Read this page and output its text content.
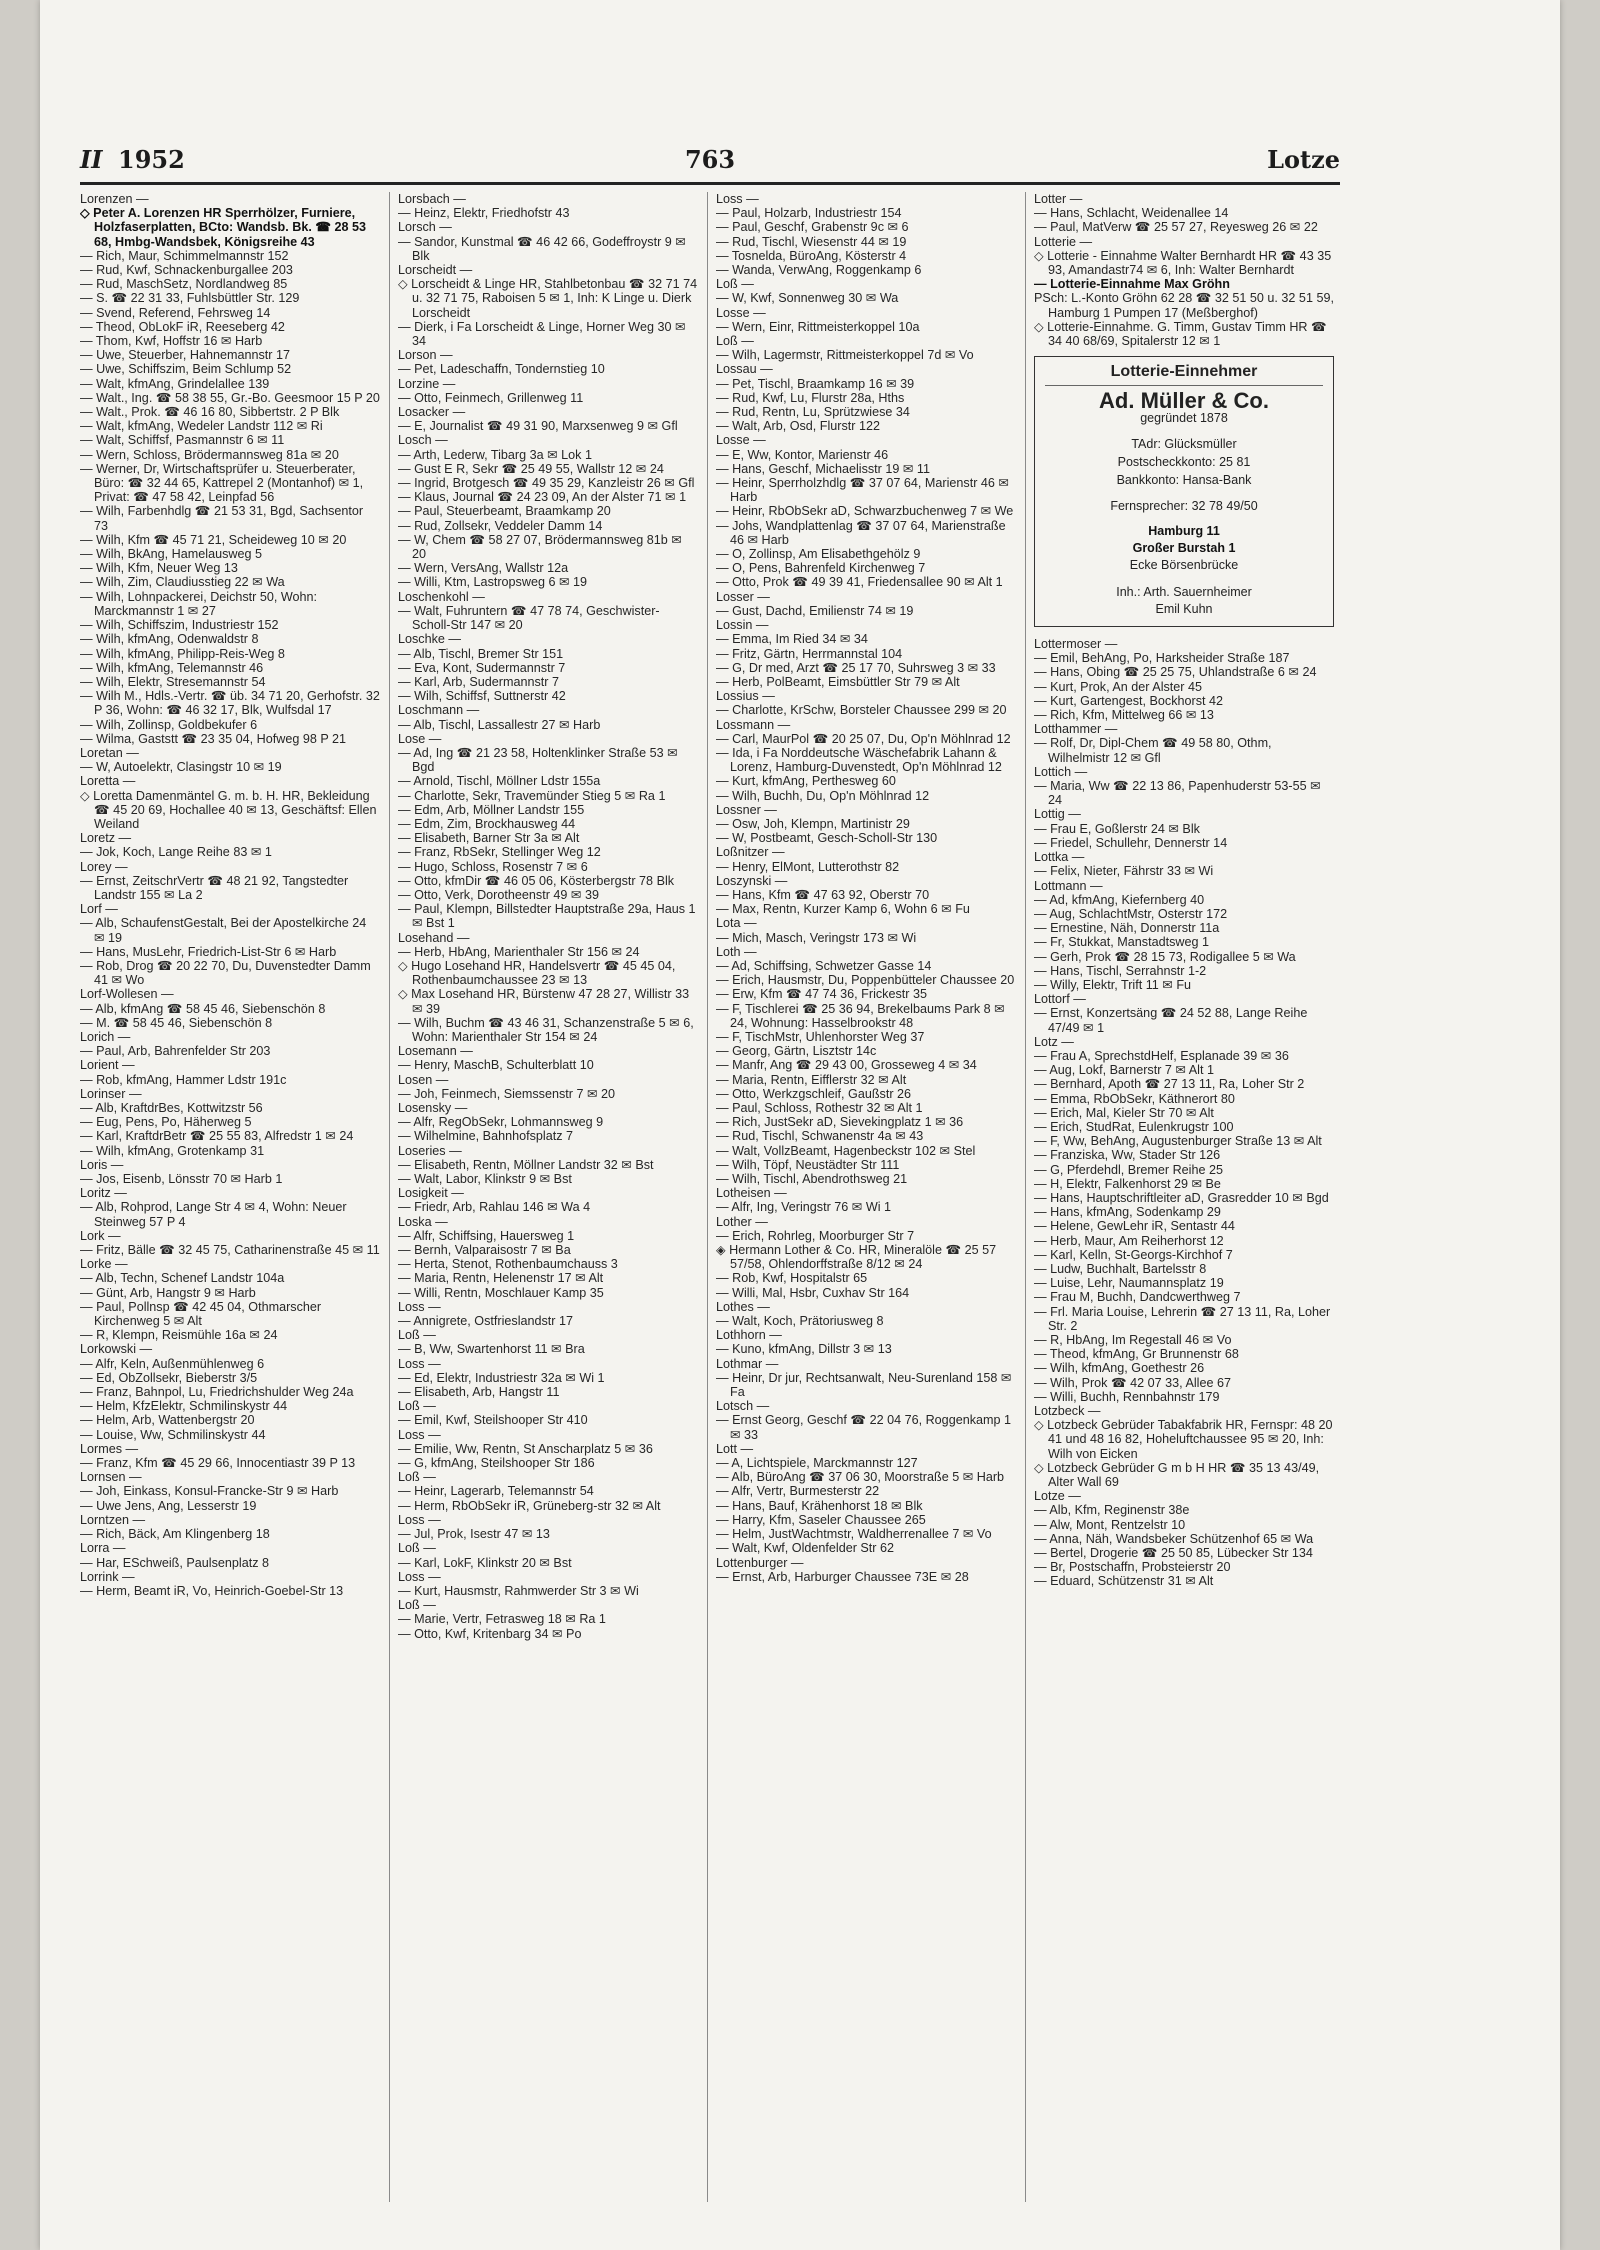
II 1952	763	Lotze
Lorenzen —
◇ Peter A. Lorenzen HR Sperrhölzer, Furniere, Holzfaserplatten, BCto: Wandsb. Bk. ☎ 28 53 68, Hmbg-Wandsbek, Königsreihe 43
— Rich, Maur, Schimmelmannstr 152
— Rud, Kwf, Schnackenburgallee 203
— Rud, MaschSetz, Nordlandweg 85
— S. ☎ 22 31 33, Fuhlsbüttler Str. 129
— Svend, Referend, Fehrsweg 14
— Theod, ObLokF iR, Reeseberg 42
— Thom, Kwf, Hoffstr 16 ✉ Harb
— Uwe, Steuerber, Hahnemannstr 17
— Uwe, Schiffszim, Beim Schlump 52
— Walt, kfmAng, Grindelallee 139
— Walt., Ing. ☎ 58 38 55, Gr.-Bo. Geesmoor 15 P 20
— Walt., Prok. ☎ 46 16 80, Sibbertstr. 2 P Blk
— Walt, kfmAng, Wedeler Landstr 112 ✉ Ri
— Walt, Schiffsf, Pasmannstr 6 ✉ 11
— Wern, Schloss, Brödermannsweg 81a ✉ 20
— Werner, Dr, Wirtschaftsprüfer u. Steuerberater, Büro: ☎ 32 44 65, Kattrepel 2 (Montanhof) ✉ 1, Privat: ☎ 47 58 42, Leinpfad 56
— Wilh, Farbenhdlg ☎ 21 53 31, Bgd, Sachsentor 73
— Wilh, Kfm ☎ 45 71 21, Scheideweg 10 ✉ 20
— Wilh, BkAng, Hamelausweg 5
— Wilh, Kfm, Neuer Weg 13
— Wilh, Zim, Claudiusstieg 22 ✉ Wa
— Wilh, Lohnpackerei, Deichstr 50, Wohn: Marckmannstr 1 ✉ 27
— Wilh, Schiffszim, Industriestr 152
— Wilh, kfmAng, Odenwaldstr 8
— Wilh, kfmAng, Philipp-Reis-Weg 8
— Wilh, kfmAng, Telemannstr 46
— Wilh, Elektr, Stresemannstr 54
— Wilh M., Hdls.-Vertr. ☎ üb. 34 71 20, Gerhofstr. 32 P 36, Wohn: ☎ 46 32 17, Blk, Wulfsdal 17
— Wilh, Zollinsp, Goldbekufer 6
— Wilma, Gaststt ☎ 23 35 04, Hofweg 98 P 21
Loretan —
— W, Autoelektr, Clasingstr 10 ✉ 19
Loretta —
◇ Loretta Damenmäntel G. m. b. H. HR, Bekleidung ☎ 45 20 69, Hochallee 40 ✉ 13, Geschäftsf: Ellen Weiland
Loretz —
— Jok, Koch, Lange Reihe 83 ✉ 1
Lorey —
— Ernst, ZeitschrVertr ☎ 48 21 92, Tangstedter Landstr 155 ✉ La 2
Lorf —
— Alb, SchaufenstGestalt, Bei der Apostelkirche 24 ✉ 19
— Hans, MusLehr, Friedrich-List-Str 6 ✉ Harb
— Rob, Drog ☎ 20 22 70, Du, Duvenstedter Damm 41 ✉ Wo
Lorf-Wollesen —
— Alb, kfmAng ☎ 58 45 46, Siebenschön 8
— M. ☎ 58 45 46, Siebenschön 8
Lorich —
— Paul, Arb, Bahrenfelder Str 203
Lorient —
— Rob, kfmAng, Hammer Ldstr 191c
Lorinser —
— Alb, KraftdrBes, Kottwitzstr 56
— Eug, Pens, Po, Häherweg 5
— Karl, KraftdrBetr ☎ 25 55 83, Alfredstr 1 ✉ 24
— Wilh, kfmAng, Grotenkamp 31
Loris —
— Jos, Eisenb, Lönsstr 70 ✉ Harb 1
Loritz —
— Alb, Rohprod, Lange Str 4 ✉ 4, Wohn: Neuer Steinweg 57 P 4
Lork —
— Fritz, Bälle ☎ 32 45 75, Catharinenstraße 45 ✉ 11
Lorke —
— Alb, Techn, Schenef Landstr 104a
— Günt, Arb, Hangstr 9 ✉ Harb
— Paul, Pollnsp ☎ 42 45 04, Othmarscher Kirchenweg 5 ✉ Alt
— R, Klempn, Reismühle 16a ✉ 24
Lorkowski —
— Alfr, Keln, Außenmühlenweg 6
— Ed, ObZollsekr, Bieberstr 3/5
— Franz, Bahnpol, Lu, Friedrichshulder Weg 24a
— Helm, KfzElektr, Schmilinskystr 44
— Helm, Arb, Wattenbergstr 20
— Louise, Ww, Schmilinskystr 44
Lormes —
— Franz, Kfm ☎ 45 29 66, Innocentiastr 39 P 13
Lornsen —
— Joh, Einkass, Konsul-Francke-Str 9 ✉ Harb
— Uwe Jens, Ang, Lesserstr 19
Lorntzen —
— Rich, Bäck, Am Klingenberg 18
Lorra —
— Har, ESchweiß, Paulsenplatz 8
Lorrink —
— Herm, Beamt iR, Vo, Heinrich-Goebel-Str 13
Lorsbach —
— Heinz, Elektr, Friedhofstr 43
Lorsch —
— Sandor, Kunstmal ☎ 46 42 66, Godeffroystr 9 ✉ Blk
Lorscheidt —
◇ Lorscheidt & Linge HR, Stahlbetonbau ☎ 32 71 74 u. 32 71 75, Raboisen 5 ✉ 1, Inh: K Linge u. Dierk Lorscheidt
— Dierk, i Fa Lorscheidt & Linge, Horner Weg 30 ✉ 34
Lorson —
— Pet, Ladeschaffn, Tondernstieg 10
Lorzine —
— Otto, Feinmech, Grillenweg 11
Losacker —
— E, Journalist ☎ 49 31 90, Marxsenweg 9 ✉ Gfl
Losch —
— Arth, Lederw, Tibarg 3a ✉ Lok 1
— Gust E R, Sekr ☎ 25 49 55, Wallstr 12 ✉ 24
— Ingrid, Brotgesch ☎ 49 35 29, Kanzleistr 26 ✉ Gfl
— Klaus, Journal ☎ 24 23 09, An der Alster 71 ✉ 1
— Paul, Steuerbeamt, Braamkamp 20
— Rud, Zollsekr, Veddeler Damm 14
— W, Chem ☎ 58 27 07, Brödermannsweg 81b ✉ 20
— Wern, VersAng, Wallstr 12a
— Willi, Ktm, Lastropsweg 6 ✉ 19
Loschenkohl —
— Walt, Fuhruntern ☎ 47 78 74, Geschwister-Scholl-Str 147 ✉ 20
Loschke —
— Alb, Tischl, Bremer Str 151
— Eva, Kont, Sudermannstr 7
— Karl, Arb, Sudermannstr 7
— Wilh, Schiffsf, Suttnerstr 42
Loschmann —
— Alb, Tischl, Lassallestr 27 ✉ Harb
Lose —
— Ad, Ing ☎ 21 23 58, Holtenklinker Straße 53 ✉ Bgd
— Arnold, Tischl, Möllner Ldstr 155a
— Charlotte, Sekr, Travemünder Stieg 5 ✉ Ra 1
— Edm, Arb, Möllner Landstr 155
— Edm, Zim, Brockhausweg 44
— Elisabeth, Barner Str 3a ✉ Alt
— Franz, RbSekr, Stellinger Weg 12
— Hugo, Schloss, Rosenstr 7 ✉ 6
— Otto, kfmDir ☎ 46 05 06, Kösterbergstr 78 Blk
— Otto, Verk, Dorotheenstr 49 ✉ 39
— Paul, Klempn, Billstedter Hauptstraße 29a, Haus 1 ✉ Bst 1
Losehand —
— Herb, HbAng, Marienthaler Str 156 ✉ 24
◇ Hugo Losehand HR, Handelsvertr ☎ 45 45 04, Rothenbaumchaussee 23 ✉ 13
◇ Max Losehand HR, Bürstenw 47 28 27, Willistr 33 ✉ 39
— Wilh, Buchm ☎ 43 46 31, Schanzenstraße 5 ✉ 6, Wohn: Marienthaler Str 154 ✉ 24
Losemann —
— Henry, MaschB, Schulterblatt 10
Losen —
— Joh, Feinmech, Siemssenstr 7 ✉ 20
Losensky —
— Alfr, RegObSekr, Lohmannsweg 9
— Wilhelmine, Bahnhofsplatz 7
Loseries —
— Elisabeth, Rentn, Möllner Landstr 32 ✉ Bst
— Walt, Labor, Klinkstr 9 ✉ Bst
Losigkeit —
— Friedr, Arb, Rahlau 146 ✉ Wa 4
Loska —
— Alfr, Schiffsing, Hauersweg 1
— Bernh, Valparaisostr 7 ✉ Ba
— Herta, Stenot, Rothenbaumchauss 3
— Maria, Rentn, Helenenstr 17 ✉ Alt
— Willi, Rentn, Moschlauer Kamp 35
Loss —
— Annigrete, Ostfrieslandstr 17
Loß —
— B, Ww, Swartenhorst 11 ✉ Bra
Loss —
— Ed, Elektr, Industriestr 32a ✉ Wi 1
— Elisabeth, Arb, Hangstr 11
Loß —
— Emil, Kwf, Steilshooper Str 410
Loss —
— Emilie, Ww, Rentn, St Anscharplatz 5 ✉ 36
— G, kfmAng, Steilshooper Str 186
Loß —
— Heinr, Lagerarb, Telemannstr 54
— Herm, RbObSekr iR, Grüneberg-str 32 ✉ Alt
Loss —
— Jul, Prok, Isestr 47 ✉ 13
Loß —
— Karl, LokF, Klinkstr 20 ✉ Bst
Loss —
— Kurt, Hausmstr, Rahmwerder Str 3 ✉ Wi
Loß —
— Marie, Vertr, Fetrasweg 18 ✉ Ra 1
— Otto, Kwf, Kritenbarg 34 ✉ Po
Loss —
— Paul, Holzarb, Industriestr 154
— Paul, Geschf, Grabenstr 9c ✉ 6
— Rud, Tischl, Wiesenstr 44 ✉ 19
— Tosnelda, BüroAng, Kösterstr 4
— Wanda, VerwAng, Roggenkamp 6
Loß —
— W, Kwf, Sonnenweg 30 ✉ Wa
Losse —
— Wern, Einr, Rittmeisterkoppel 10a
Loß —
— Wilh, Lagermstr, Rittmeisterkoppel 7d ✉ Vo
Lossau —
— Pet, Tischl, Braamkamp 16 ✉ 39
— Rud, Kwf, Lu, Flurstr 28a, Hths
— Rud, Rentn, Lu, Sprützwiese 34
— Walt, Arb, Osd, Flurstr 122
Losse —
— E, Ww, Kontor, Marienstr 46
— Hans, Geschf, Michaelisstr 19 ✉ 11
— Heinr, Sperrholzhdlg ☎ 37 07 64, Marienstr 46 ✉ Harb
— Heinr, RbObSekr aD, Schwarzbuchenweg 7 ✉ We
— Johs, Wandplattenlag ☎ 37 07 64, Marienstraße 46 ✉ Harb
— O, Zollinsp, Am Elisabethgehölz 9
— O, Pens, Bahrenfeld Kirchenweg 7
— Otto, Prok ☎ 49 39 41, Friedensallee 90 ✉ Alt 1
Losser —
— Gust, Dachd, Emilienstr 74 ✉ 19
Lossin —
— Emma, Im Ried 34 ✉ 34
— Fritz, Gärtn, Herrmannstal 104
— G, Dr med, Arzt ☎ 25 17 70, Suhrsweg 3 ✉ 33
— Herb, PolBeamt, Eimsbüttler Str 79 ✉ Alt
Lossius —
— Charlotte, KrSchw, Borsteler Chaussee 299 ✉ 20
Lossmann —
— Carl, MaurPol ☎ 20 25 07, Du, Op'n Möhlnrad 12
— Ida, i Fa Norddeutsche Wäschefabrik Lahann & Lorenz, Hamburg-Duvenstedt, Op'n Möhlnrad 12
— Kurt, kfmAng, Perthesweg 60
— Wilh, Buchh, Du, Op'n Möhlnrad 12
Lossner —
— Osw, Joh, Klempn, Martinistr 29
— W, Postbeamt, Gesch-Scholl-Str 130
Loßnitzer —
— Henry, ElMont, Lutterothstr 82
Loszynski —
— Hans, Kfm ☎ 47 63 92, Oberstr 70
— Max, Rentn, Kurzer Kamp 6, Wohn 6 ✉ Fu
Lota —
— Mich, Masch, Veringstr 173 ✉ Wi
Loth —
— Ad, Schiffsing, Schwetzer Gasse 14
— Erich, Hausmstr, Du, Poppenbütteler Chaussee 20
— Erw, Kfm ☎ 47 74 36, Frickestr 35
— F, Tischlerei ☎ 25 36 94, Brekelbaums Park 8 ✉ 24, Wohnung: Hasselbrookstr 48
— F, TischMstr, Uhlenhorster Weg 37
— Georg, Gärtn, Lisztstr 14c
— Manfr, Ang ☎ 29 43 00, Grosseweg 4 ✉ 34
— Maria, Rentn, Eifflerstr 32 ✉ Alt
— Otto, Werkzgschleif, Gaußstr 26
— Paul, Schloss, Rothestr 32 ✉ Alt 1
— Rich, JustSekr aD, Sievekingplatz 1 ✉ 36
— Rud, Tischl, Schwanenstr 4a ✉ 43
— Walt, VollzBeamt, Hagenbeckstr 102 ✉ Stel
— Wilh, Töpf, Neustädter Str 111
— Wilh, Tischl, Abendrothsweg 21
Lotheisen —
— Alfr, Ing, Veringstr 76 ✉ Wi 1
Lother —
— Erich, Rohrleg, Moorburger Str 7
◈ Hermann Lother & Co. HR, Mineralöle ☎ 25 57 57/58, Ohlendorffstraße 8/12 ✉ 24
— Rob, Kwf, Hospitalstr 65
— Willi, Mal, Hsbr, Cuxhav Str 164
Lothes —
— Walt, Koch, Prätoriusweg 8
Lothhorn —
— Kuno, kfmAng, Dillstr 3 ✉ 13
Lothmar —
— Heinr, Dr jur, Rechtsanwalt, Neu-Surenland 158 ✉ Fa
Lotsch —
— Ernst Georg, Geschf ☎ 22 04 76, Roggenkamp 1 ✉ 33
Lott —
— A, Lichtspiele, Marckmannstr 127
— Alb, BüroAng ☎ 37 06 30, Moorstraße 5 ✉ Harb
— Alfr, Vertr, Burmesterstr 22
— Hans, Bauf, Krähenhorst 18 ✉ Blk
— Harry, Kfm, Saseler Chaussee 265
— Helm, JustWachtmstr, Waldherrenallee 7 ✉ Vo
— Walt, Kwf, Oldenfelder Str 62
Lottenburger —
— Ernst, Arb, Harburger Chaussee 73E ✉ 28
Lotter —
— Hans, Schlacht, Weidenallee 14
— Paul, MatVerw ☎ 25 57 27, Reyesweg 26 ✉ 22
Lotterie —
◇ Lotterie - Einnahme Walter Bernhardt HR ☎ 43 35 93, Amandastr74 ✉ 6, Inh: Walter Bernhardt
— Lotterie-Einnahme Max Gröhn
PSch: L.-Konto Gröhn 62 28 ☎ 32 51 50 u. 32 51 59, Hamburg 1 Pumpen 17 (Meßberghof)
◇ Lotterie-Einnahme. G. Timm, Gustav Timm HR ☎ 34 40 68/69, Spitalerstr 12 ✉ 1
Lotterie-Einnehmer
Ad. Müller & Co.
gegründet 1878
TAdr: Glücksmüller
Postscheckkonto: 25 81
Bankkonto: Hansa-Bank
Fernsprecher: 32 78 49/50
Hamburg 11
Großer Burstah 1
Ecke Börsenbrücke
Inh.: Arth. Sauernheimer
Emil Kuhn
Lottermoser —
— Emil, BehAng, Po, Harksheider Straße 187
— Hans, Obing ☎ 25 25 75, Uhlandstraße 6 ✉ 24
— Kurt, Prok, An der Alster 45
— Kurt, Gartengest, Bockhorst 42
— Rich, Kfm, Mittelweg 66 ✉ 13
Lotthammer —
— Rolf, Dr, Dipl-Chem ☎ 49 58 80, Othm, Wilhelmistr 12 ✉ Gfl
Lottich —
— Maria, Ww ☎ 22 13 86, Papenhuderstr 53-55 ✉ 24
Lottig —
— Frau E, Goßlerstr 24 ✉ Blk
— Friedel, Schullehr, Dennerstr 14
Lottka —
— Felix, Nieter, Fährstr 33 ✉ Wi
Lottmann —
— Ad, kfmAng, Kiefernberg 40
— Aug, SchlachtMstr, Osterstr 172
— Ernestine, Näh, Donnerstr 11a
— Fr, Stukkat, Manstadtsweg 1
— Gerh, Prok ☎ 28 15 73, Rodigallee 5 ✉ Wa
— Hans, Tischl, Serrahnstr 1-2
— Willy, Elektr, Trift 11 ✉ Fu
Lottorf —
— Ernst, Konzertsäng ☎ 24 52 88, Lange Reihe 47/49 ✉ 1
Lotz —
— Frau A, SprechstdHelf, Esplanade 39 ✉ 36
— Aug, Lokf, Barnerstr 7 ✉ Alt 1
— Bernhard, Apoth ☎ 27 13 11, Ra, Loher Str 2
— Emma, RbObSekr, Käthnerort 80
— Erich, Mal, Kieler Str 70 ✉ Alt
— Erich, StudRat, Eulenkrugstr 100
— F, Ww, BehAng, Augustenburger Straße 13 ✉ Alt
— Franziska, Ww, Stader Str 126
— G, Pferdehdl, Bremer Reihe 25
— H, Elektr, Falkenhorst 29 ✉ Be
— Hans, Hauptschriftleiter aD, Grasredder 10 ✉ Bgd
— Hans, kfmAng, Sodenkamp 29
— Helene, GewLehr iR, Sentastr 44
— Herb, Maur, Am Reiherhorst 12
— Karl, Kelln, St-Georgs-Kirchhof 7
— Ludw, Buchhalt, Bartelsstr 8
— Luise, Lehr, Naumannsplatz 19
— Frau M, Buchh, Dandcwerthweg 7
— Frl. Maria Louise, Lehrerin ☎ 27 13 11, Ra, Loher Str. 2
— R, HbAng, Im Regestall 46 ✉ Vo
— Theod, kfmAng, Gr Brunnenstr 68
— Wilh, kfmAng, Goethestr 26
— Wilh, Prok ☎ 42 07 33, Allee 67
— Willi, Buchh, Rennbahnstr 179
Lotzbeck —
◇ Lotzbeck Gebrüder Tabakfabrik HR, Fernspr: 48 20 41 und 48 16 82, Hoheluftchaussee 95 ✉ 20, Inh: Wilh von Eicken
◇ Lotzbeck Gebrüder G m b H HR ☎ 35 13 43/49, Alter Wall 69
Lotze —
— Alb, Kfm, Reginenstr 38e
— Alw, Mont, Rentzelstr 10
— Anna, Näh, Wandsbeker Schützenhof 65 ✉ Wa
— Bertel, Drogerie ☎ 25 50 85, Lübecker Str 134
— Br, Postschaffn, Probsteierstr 20
— Eduard, Schützenstr 31 ✉ Alt
